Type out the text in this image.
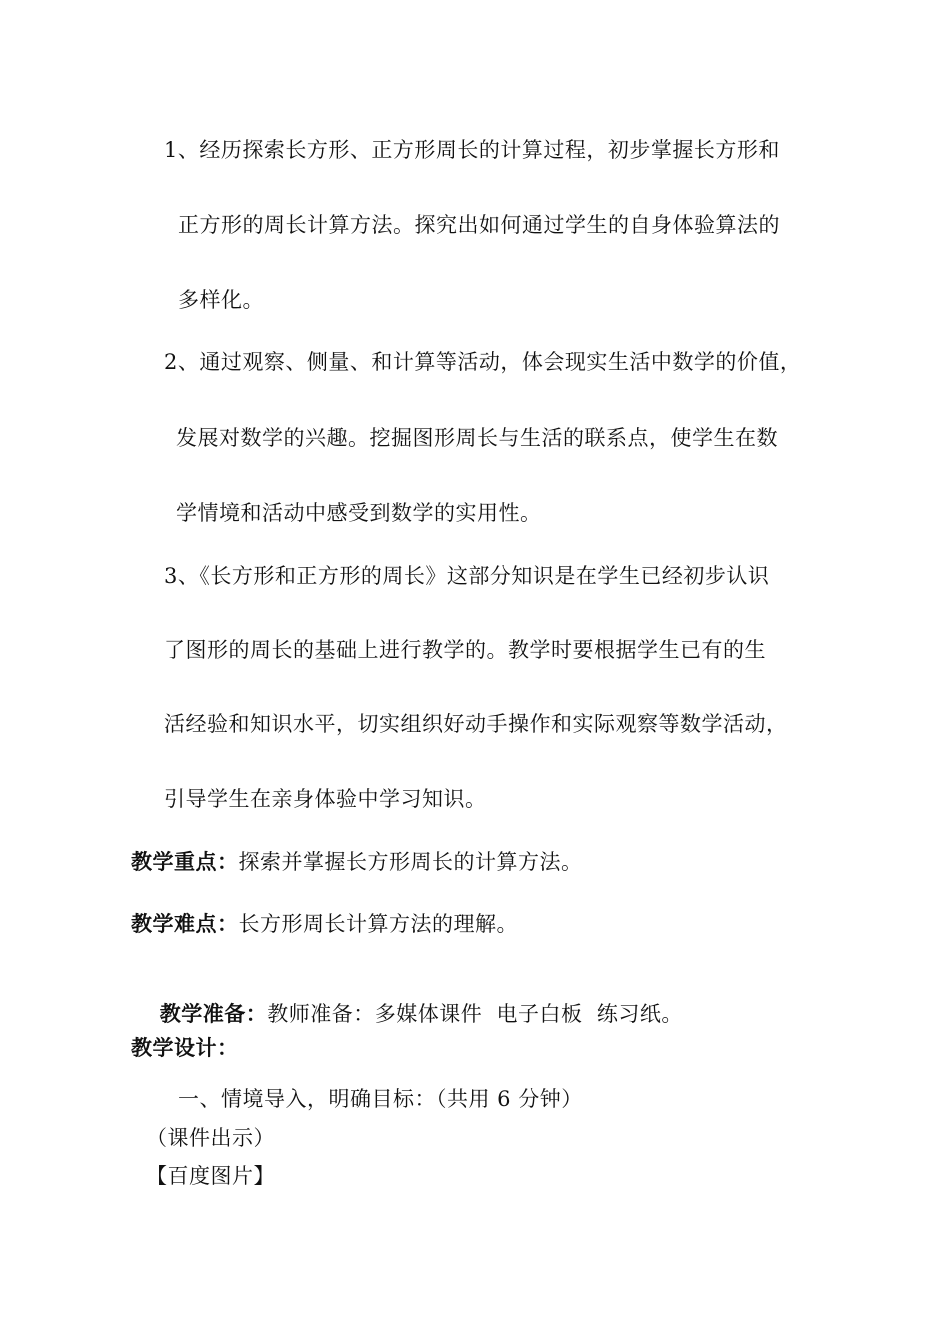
1、经历探索长方形、正方形周长的计算过程，初步掌握长方形和
正方形的周长计算方法。探究出如何通过学生的自身体验算法的
多样化。
2、通过观察、侧量、和计算等活动，体会现实生活中数学的价值，
发展对数学的兴趣。挖掘图形周长与生活的联系点，使学生在数
学情境和活动中感受到数学的实用性。
3、《长方形和正方形的周长》这部分知识是在学生已经初步认识
了图形的周长的基础上进行教学的。教学时要根据学生已有的生
活经验和知识水平，切实组织好动手操作和实际观察等数学活动，
引导学生在亲身体验中学习知识。
教学重点：探索并掌握长方形周长的计算方法。
教学难点：长方形周长计算方法的理解。

教学准备：教师准备：多媒体课件  电子白板  练习纸。

教学设计：
一、情境导入，明确目标：（共用 6 分钟）
（课件出示）
【百度图片】
